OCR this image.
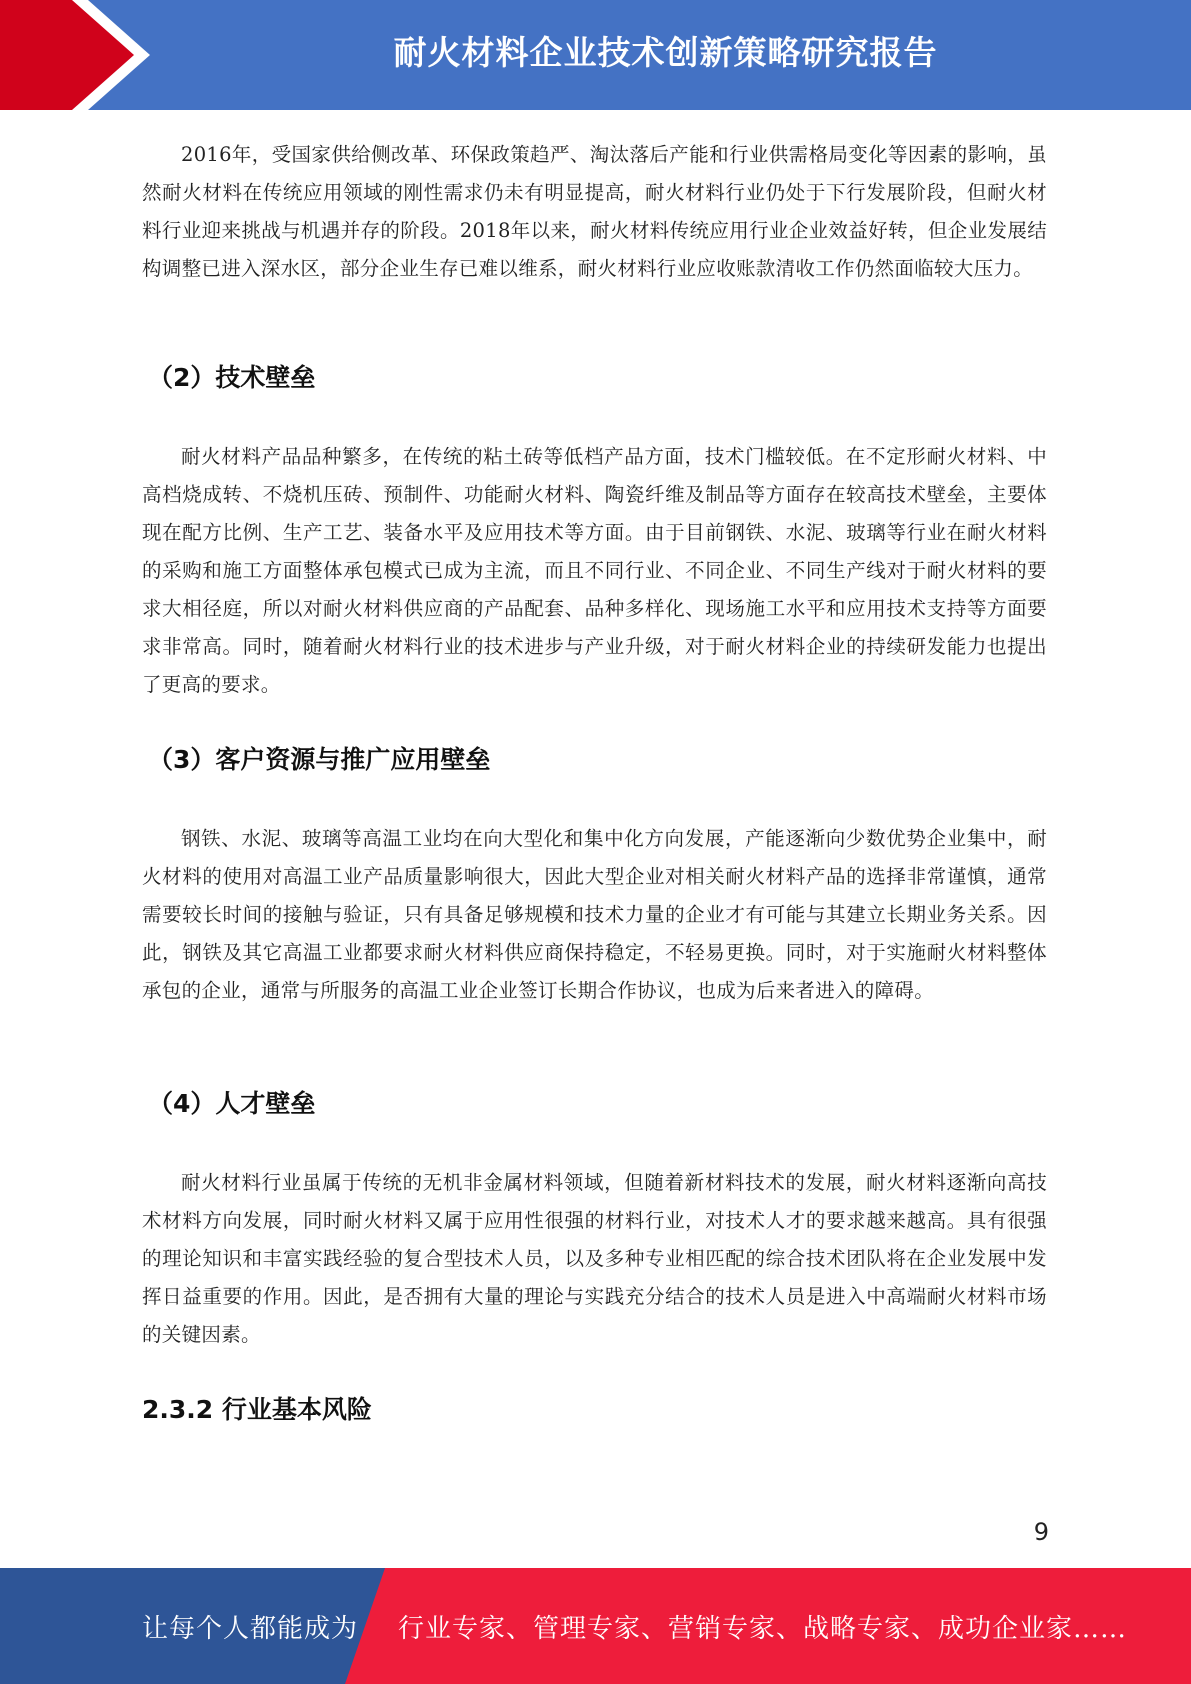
耐火材料企业技术创新策略研究报告

2016年，受国家供给侧改革、环保政策趋严、淘汰落后产能和行业供需格局变化等因素的影响，虽然耐火材料在传统应用领域的刚性需求仍未有明显提高，耐火材料行业仍处于下行发展阶段，但耐火材料行业迎来挑战与机遇并存的阶段。2018年以来，耐火材料传统应用行业企业效益好转，但企业发展结构调整已进入深水区，部分企业生存已难以维系，耐火材料行业应收账款清收工作仍然面临较大压力。

（2）技术壁垒

耐火材料产品品种繁多，在传统的粘土砖等低档产品方面，技术门槛较低。在不定形耐火材料、中高档烧成转、不烧机压砖、预制件、功能耐火材料、陶瓷纤维及制品等方面存在较高技术壁垒，主要体现在配方比例、生产工艺、装备水平及应用技术等方面。由于目前钢铁、水泥、玻璃等行业在耐火材料的采购和施工方面整体承包模式已成为主流，而且不同行业、不同企业、不同生产线对于耐火材料的要求大相径庭，所以对耐火材料供应商的产品配套、品种多样化、现场施工水平和应用技术支持等方面要求非常高。同时，随着耐火材料行业的技术进步与产业升级，对于耐火材料企业的持续研发能力也提出了更高的要求。

（3）客户资源与推广应用壁垒

钢铁、水泥、玻璃等高温工业均在向大型化和集中化方向发展，产能逐渐向少数优势企业集中，耐火材料的使用对高温工业产品质量影响很大，因此大型企业对相关耐火材料产品的选择非常谨慎，通常需要较长时间的接触与验证，只有具备足够规模和技术力量的企业才有可能与其建立长期业务关系。因此，钢铁及其它高温工业都要求耐火材料供应商保持稳定，不轻易更换。同时，对于实施耐火材料整体承包的企业，通常与所服务的高温工业企业签订长期合作协议，也成为后来者进入的障碍。

（4）人才壁垒

耐火材料行业虽属于传统的无机非金属材料领域，但随着新材料技术的发展，耐火材料逐渐向高技术材料方向发展，同时耐火材料又属于应用性很强的材料行业，对技术人才的要求越来越高。具有很强的理论知识和丰富实践经验的复合型技术人员，以及多种专业相匹配的综合技术团队将在企业发展中发挥日益重要的作用。因此，是否拥有大量的理论与实践充分结合的技术人员是进入中高端耐火材料市场的关键因素。

2.3.2 行业基本风险
9
让每个人都能成为 行业专家、管理专家、营销专家、战略专家、成功企业家……
